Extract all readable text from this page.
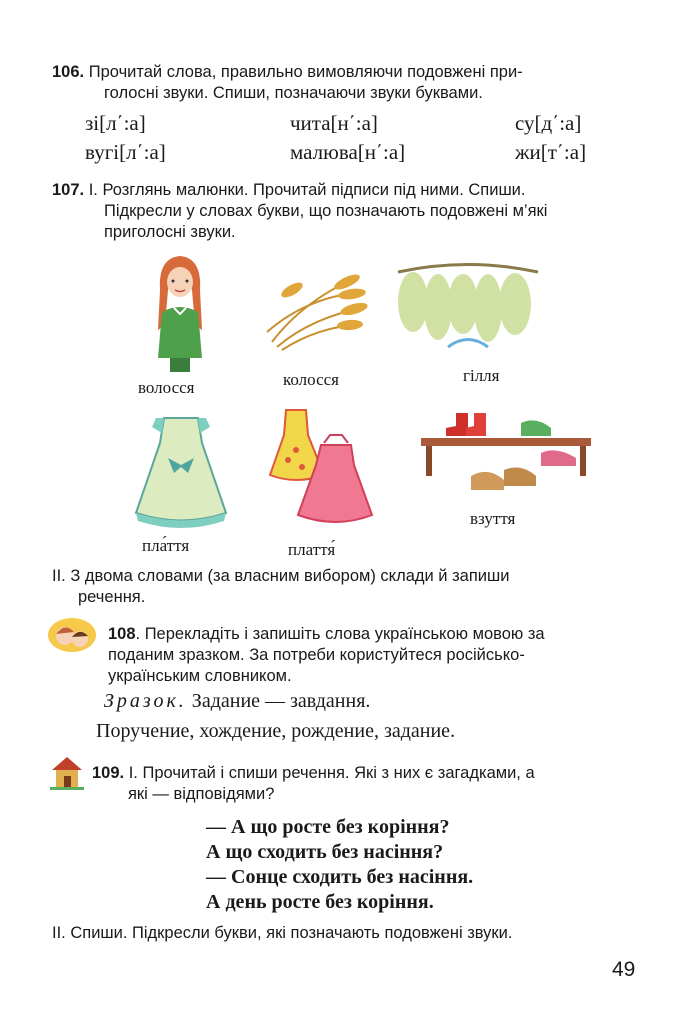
106. Прочитай слова, правильно вимовляючи подовжені при-
голосні звуки. Спиши, позначаючи звуки буквами.
зі[л΄:а]	чита[н΄:а]	су[д΄:а]
вугі[л΄:а]	малюва[н΄:а]	жи[т΄:а]
107. І. Розглянь малюнки. Прочитай підписи під ними. Спиши.
Підкресли у словах букви, що позначають подовжені м’які
приголосні звуки.
волосся	колосся	гілля
пла́ття	плаття́
взуття
ІІ. З двома словами (за власним вибором) склади й запиши
речення.
108. Перекладіть і запишіть слова українською мовою за
поданим зразком. За потреби користуйтеся російсько-
українським словником.
Зразок. Задание — завдання.
Поручение, хождение, рождение, задание.
109. І. Прочитай і спиши речення. Які з них є загадками, а
які — відповідями?
— А що росте без коріння?
А що сходить без насіння?
— Сонце сходить без насіння.
А день росте без коріння.
ІІ. Спиши. Підкресли букви, які позначають подовжені звуки.
49
